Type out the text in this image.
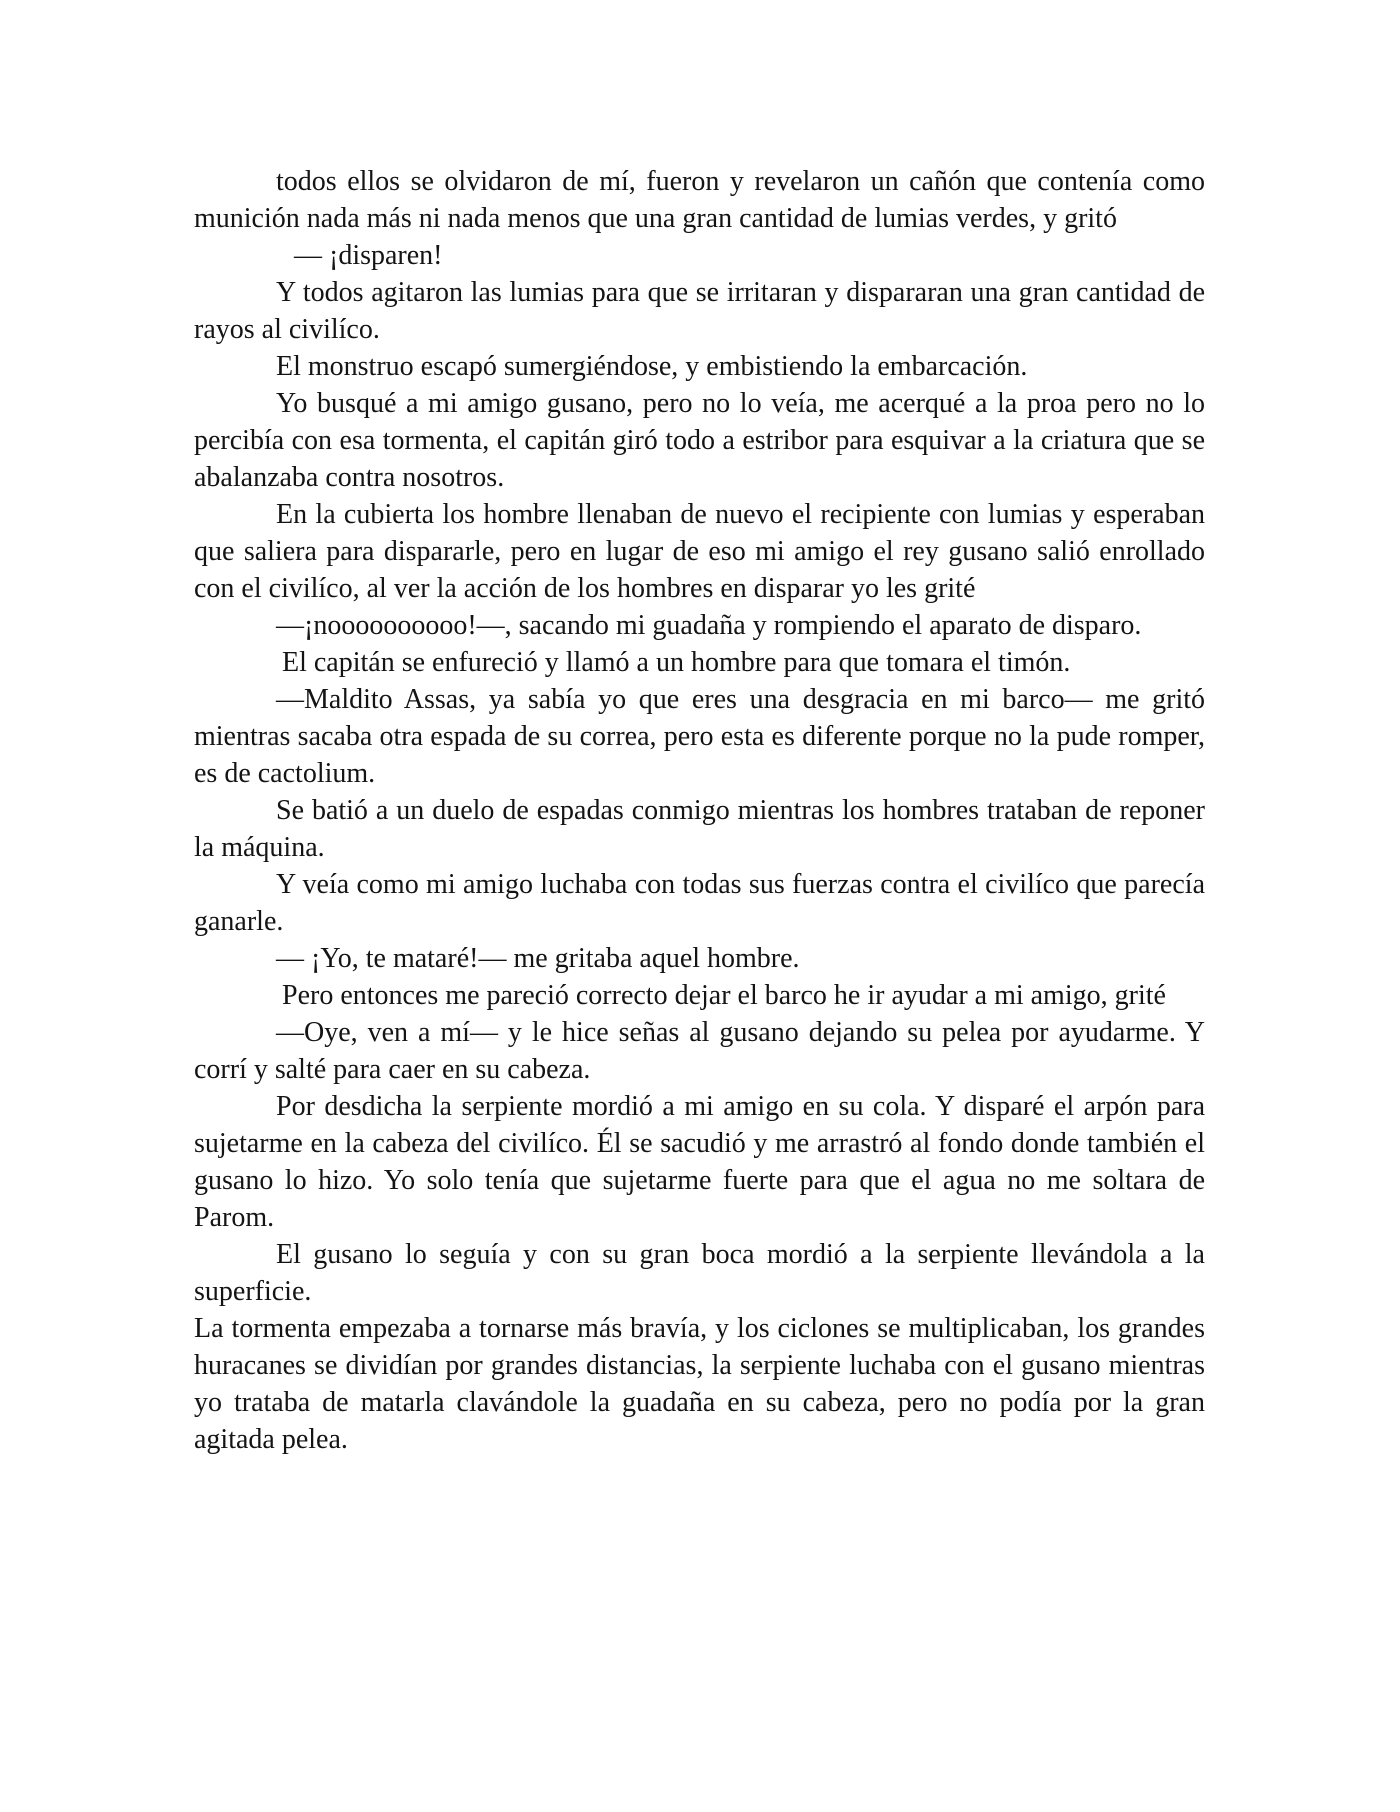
todos ellos se olvidaron de mí, fueron y revelaron un cañón que contenía como munición nada más ni nada menos que una gran cantidad de lumias verdes, y gritó

— ¡disparen!

Y todos agitaron las lumias para que se irritaran y dispararan una gran cantidad de rayos al civilíco.

El monstruo escapó sumergiéndose, y embistiendo la embarcación.

Yo busqué a mi amigo gusano, pero no lo veía, me acerqué a la proa pero no lo percibía con esa tormenta, el capitán giró todo a estribor para esquivar a la criatura que se abalanzaba contra nosotros.

En la cubierta los hombre llenaban de nuevo el recipiente con lumias y esperaban que saliera para dispararle, pero en lugar de eso mi amigo el rey gusano salió enrollado con el civilíco, al ver la acción de los hombres en disparar yo les grité

—¡noooooooooo!—, sacando mi guadaña y rompiendo el aparato de disparo.

El capitán se enfureció y llamó a un hombre para que tomara el timón.

—Maldito Assas, ya sabía yo que eres una desgracia en mi barco— me gritó mientras sacaba otra espada de su correa, pero esta es diferente porque no la pude romper, es de cactolium.

Se batió a un duelo de espadas conmigo mientras los hombres trataban de reponer la máquina.

Y veía como mi amigo luchaba con todas sus fuerzas contra el civilíco que parecía ganarle.

— ¡Yo, te mataré!— me gritaba aquel hombre.

Pero entonces me pareció correcto dejar el barco he ir ayudar a mi amigo, grité

—Oye, ven a mí— y le hice señas al gusano dejando su pelea por ayudarme. Y corrí y salté para caer en su cabeza.

Por desdicha la serpiente mordió a mi amigo en su cola. Y disparé el arpón para sujetarme en la cabeza del civilíco. Él se sacudió y me arrastró al fondo donde también el gusano lo hizo. Yo solo tenía que sujetarme fuerte para que el agua no me soltara de Parom.

El gusano lo seguía y con su gran boca mordió a la serpiente llevándola a la superficie.

La tormenta empezaba a tornarse más bravía, y los ciclones se multiplicaban, los grandes huracanes se dividían por grandes distancias, la serpiente luchaba con el gusano mientras yo trataba de matarla clavándole la guadaña en su cabeza, pero no podía por la gran agitada pelea.
